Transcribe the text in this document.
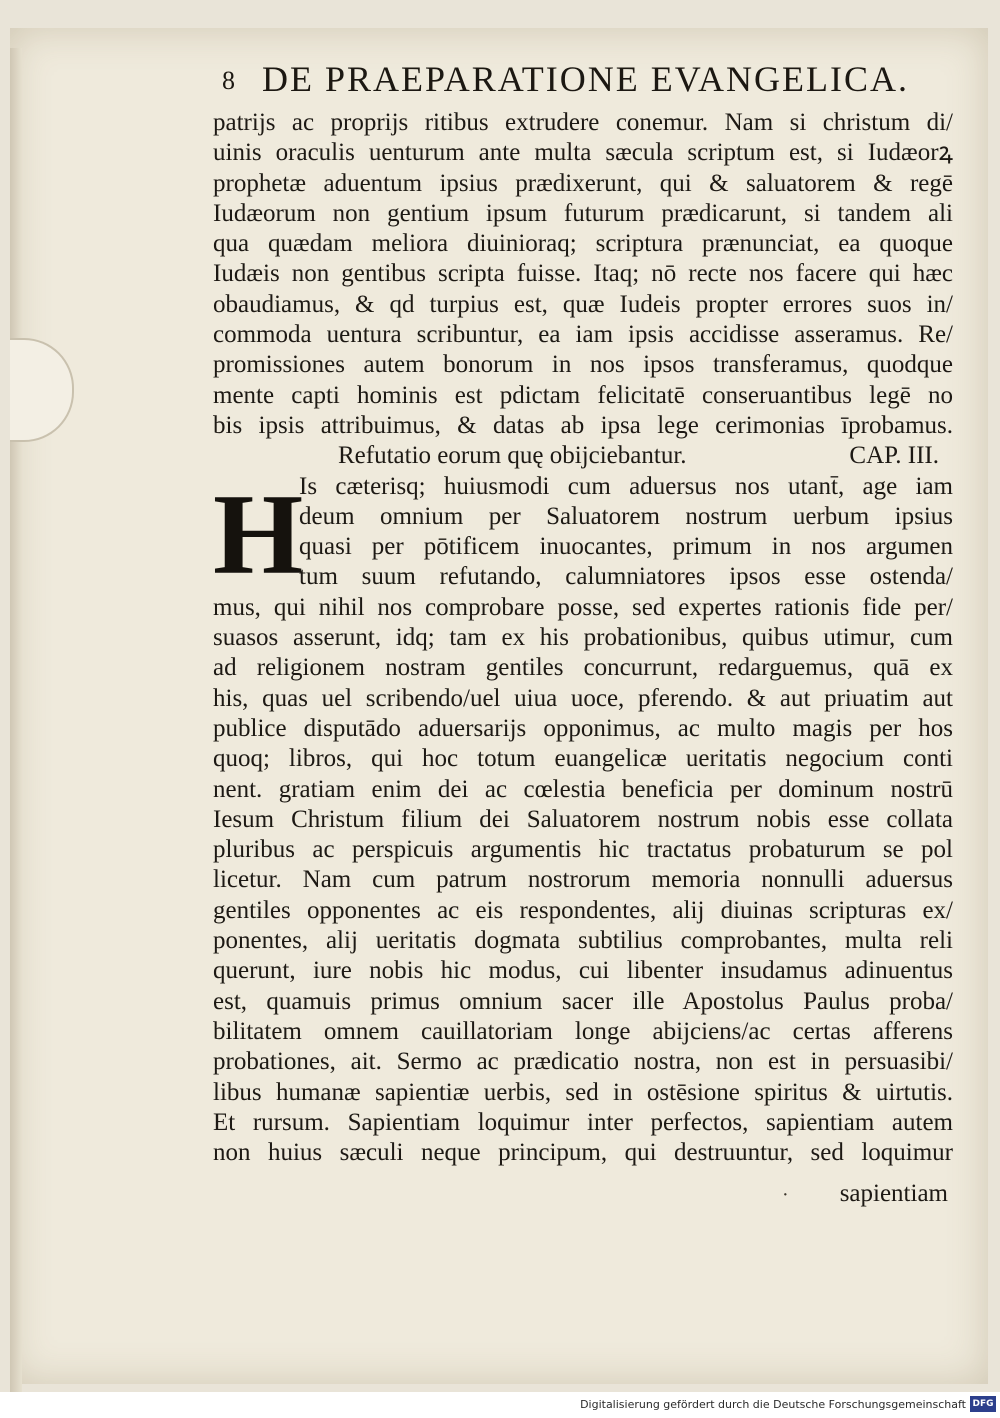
8 DE PRAEPARATIONE EVANGELICA.
H
patrijs ac proprijs ritibus extrudere conemur. Nam si christum di/
uinis oraculis uenturum ante multa sæcula scriptum est, si Iudæorꝝ
prophetæ aduentum ipsius prædixerunt, qui & saluatorem & regē
Iudæorum non gentium ipsum futurum prædicarunt, si tandem ali
qua quædam meliora diuinioraq; scriptura prænunciat, ea quoque
Iudæis non gentibus scripta fuisse. Itaq; nō recte nos facere qui hæc
obaudiamus, & qd turpius est, quæ Iudeis propter errores suos in/
commoda uentura scribuntur, ea iam ipsis accidisse asseramus. Re/
promissiones autem bonorum in nos ipsos transferamus, quodque
mente capti hominis est pdictam felicitatē conseruantibus legē no
bis ipsis attribuimus, & datas ab ipsa lege cerimonias īprobamus.
Refutatio eorum quę obijciebantur.	CAP. III.
Is cæterisq; huiusmodi cum aduersus nos utant̄, age iam
deum omnium per Saluatorem nostrum uerbum ipsius
quasi per pōtificem inuocantes, primum in nos argumen
tum suum refutando, calumniatores ipsos esse ostenda/
mus, qui nihil nos comprobare posse, sed expertes rationis fide per/
suasos asserunt, idq; tam ex his probationibus, quibus utimur, cum
ad religionem nostram gentiles concurrunt, redarguemus, quā ex
his, quas uel scribendo/uel uiua uoce, pferendo. & aut priuatim aut
publice disputādo aduersarijs opponimus, ac multo magis per hos
quoq; libros, qui hoc totum euangelicæ ueritatis negocium conti
nent. gratiam enim dei ac cœlestia beneficia per dominum nostrū
Iesum Christum filium dei Saluatorem nostrum nobis esse collata
pluribus ac perspicuis argumentis hic tractatus probaturum se pol
licetur. Nam cum patrum nostrorum memoria nonnulli aduersus
gentiles opponentes ac eis respondentes, alij diuinas scripturas ex/
ponentes, alij ueritatis dogmata subtilius comprobantes, multa reli
querunt, iure nobis hic modus, cui libenter insudamus adinuentus
est, quamuis primus omnium sacer ille Apostolus Paulus proba/
bilitatem omnem cauillatoriam longe abijciens/ac certas afferens
probationes, ait. Sermo ac prædicatio nostra, non est in persuasibi/
libus humanæ sapientiæ uerbis, sed in ostēsione spiritus & uirtutis.
Et rursum. Sapientiam loquimur inter perfectos, sapientiam autem
non huius sæculi neque principum, qui destruuntur, sed loquimur
· sapientiam
Digitalisierung gefördert durch die Deutsche Forschungsgemeinschaft DFG
